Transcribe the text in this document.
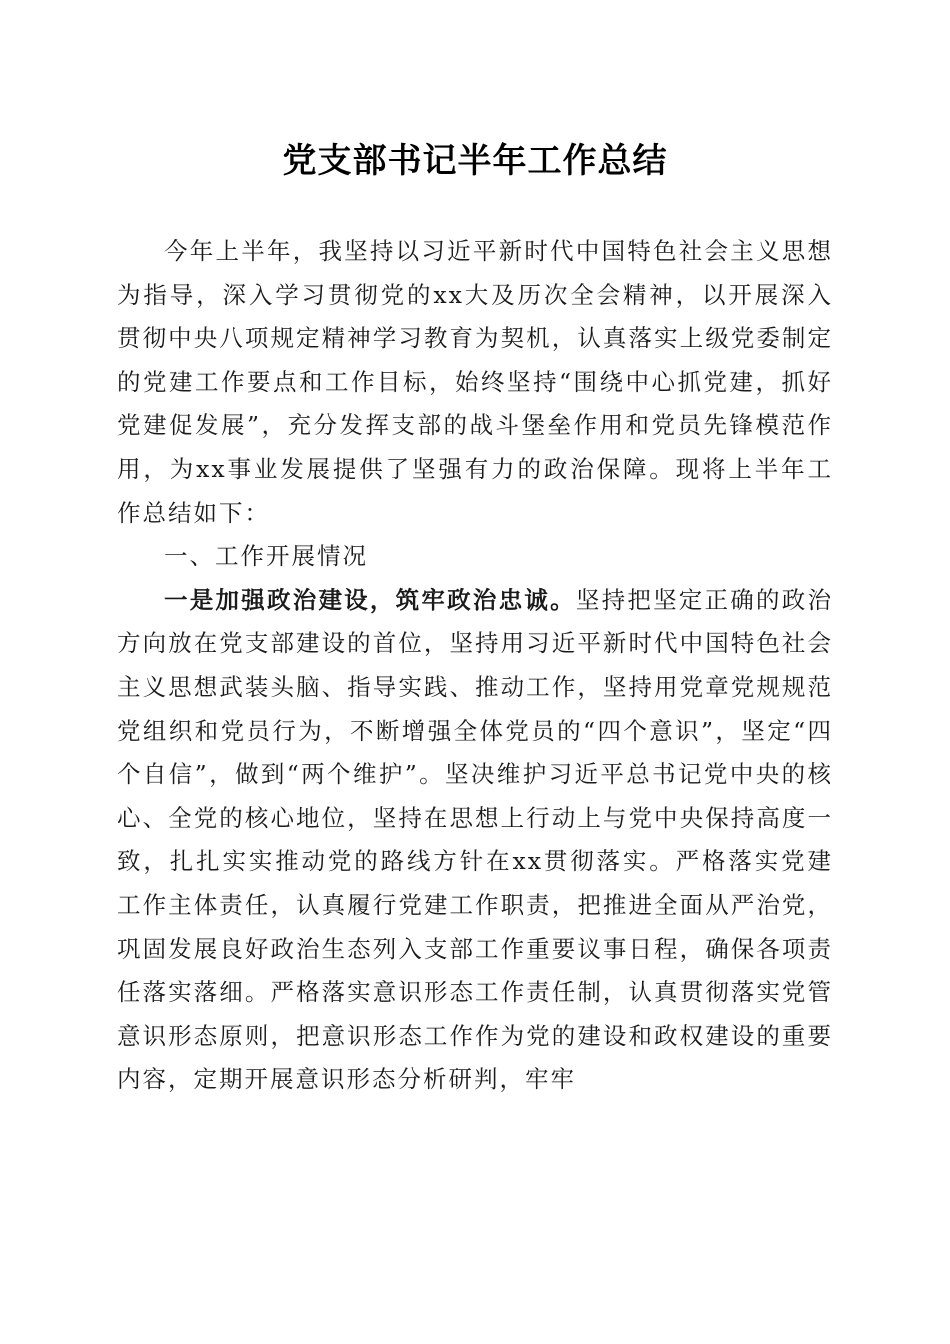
党支部书记半年工作总结

今年上半年，我坚持以习近平新时代中国特色社会主义思想为指导，深入学习贯彻党的xx大及历次全会精神，以开展深入贯彻中央八项规定精神学习教育为契机，认真落实上级党委制定的党建工作要点和工作目标，始终坚持“围绕中心抓党建，抓好党建促发展”，充分发挥支部的战斗堡垒作用和党员先锋模范作用，为xx事业发展提供了坚强有力的政治保障。现将上半年工作总结如下：

一、工作开展情况

一是加强政治建设，筑牢政治忠诚。坚持把坚定正确的政治方向放在党支部建设的首位，坚持用习近平新时代中国特色社会主义思想武装头脑、指导实践、推动工作，坚持用党章党规规范党组织和党员行为，不断增强全体党员的“四个意识”，坚定“四个自信”，做到“两个维护”。坚决维护习近平总书记党中央的核心、全党的核心地位，坚持在思想上行动上与党中央保持高度一致，扎扎实实推动党的路线方针在xx贯彻落实。严格落实党建工作主体责任，认真履行党建工作职责，把推进全面从严治党，巩固发展良好政治生态列入支部工作重要议事日程，确保各项责任落实落细。严格落实意识形态工作责任制，认真贯彻落实党管意识形态原则，把意识形态工作作为党的建设和政权建设的重要内容，定期开展意识形态分析研判，牢牢
